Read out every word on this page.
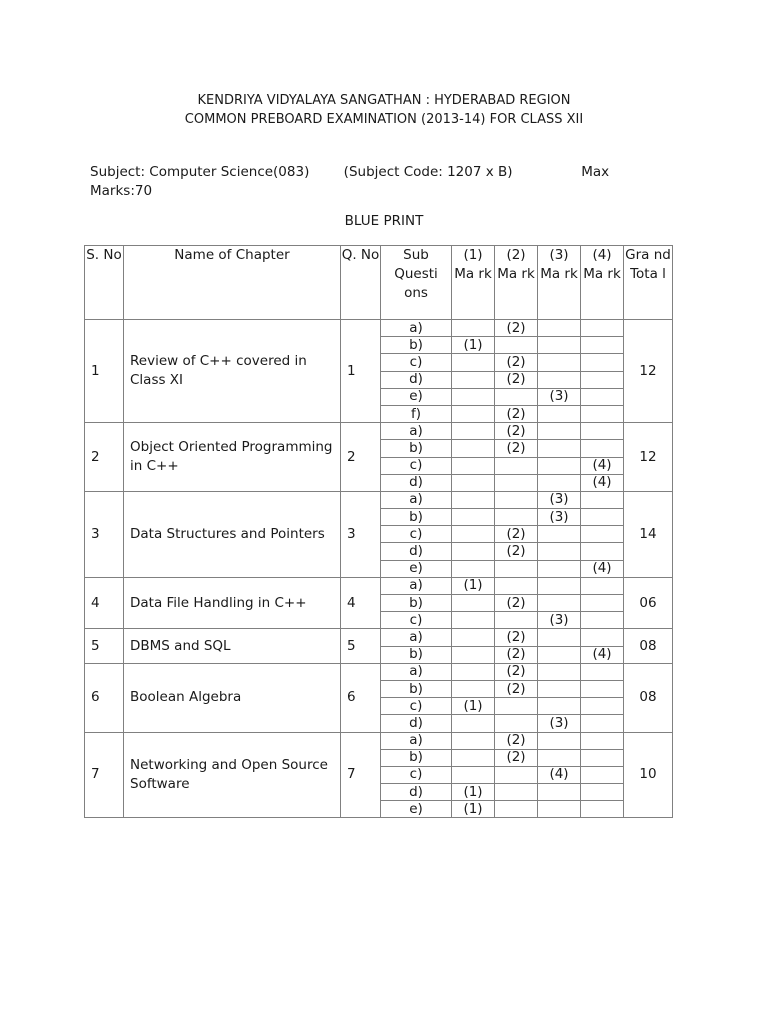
KENDRIYA VIDYALAYA SANGATHAN : HYDERABAD REGION
COMMON PREBOARD EXAMINATION (2013-14) FOR CLASS XII
Subject: Computer Science(083)        (Subject Code: 1207 x B)                Max Marks:70
BLUE PRINT
S. No	Name of Chapter	Q. No	Sub Questi ons	(1) Ma rk	(2) Ma rk	(3) Ma rk	(4) Ma rk	Gra nd Tota l
1	Review of C++ covered in Class XI	1	a)		(2)			12
			b)	(1)				
			c)		(2)			
			d)		(2)			
			e)			(3)		
			f)		(2)			
2	Object Oriented Programming in C++	2	a)		(2)			12
			b)		(2)			
			c)				(4)	
			d)				(4)	
3	Data Structures and Pointers	3	a)			(3)		14
			b)			(3)		
			c)		(2)			
			d)		(2)			
			e)				(4)	
4	Data File Handling in C++	4	a)	(1)				06
			b)		(2)			
			c)			(3)		
5	DBMS and SQL	5	a)		(2)			08
			b)		(2)		(4)	
6	Boolean Algebra	6	a)		(2)			08
			b)		(2)			
			c)	(1)				
			d)			(3)		
7	Networking and Open Source Software	7	a)		(2)			10
			b)		(2)			
			c)			(4)		
			d)	(1)				
			e)	(1)				
